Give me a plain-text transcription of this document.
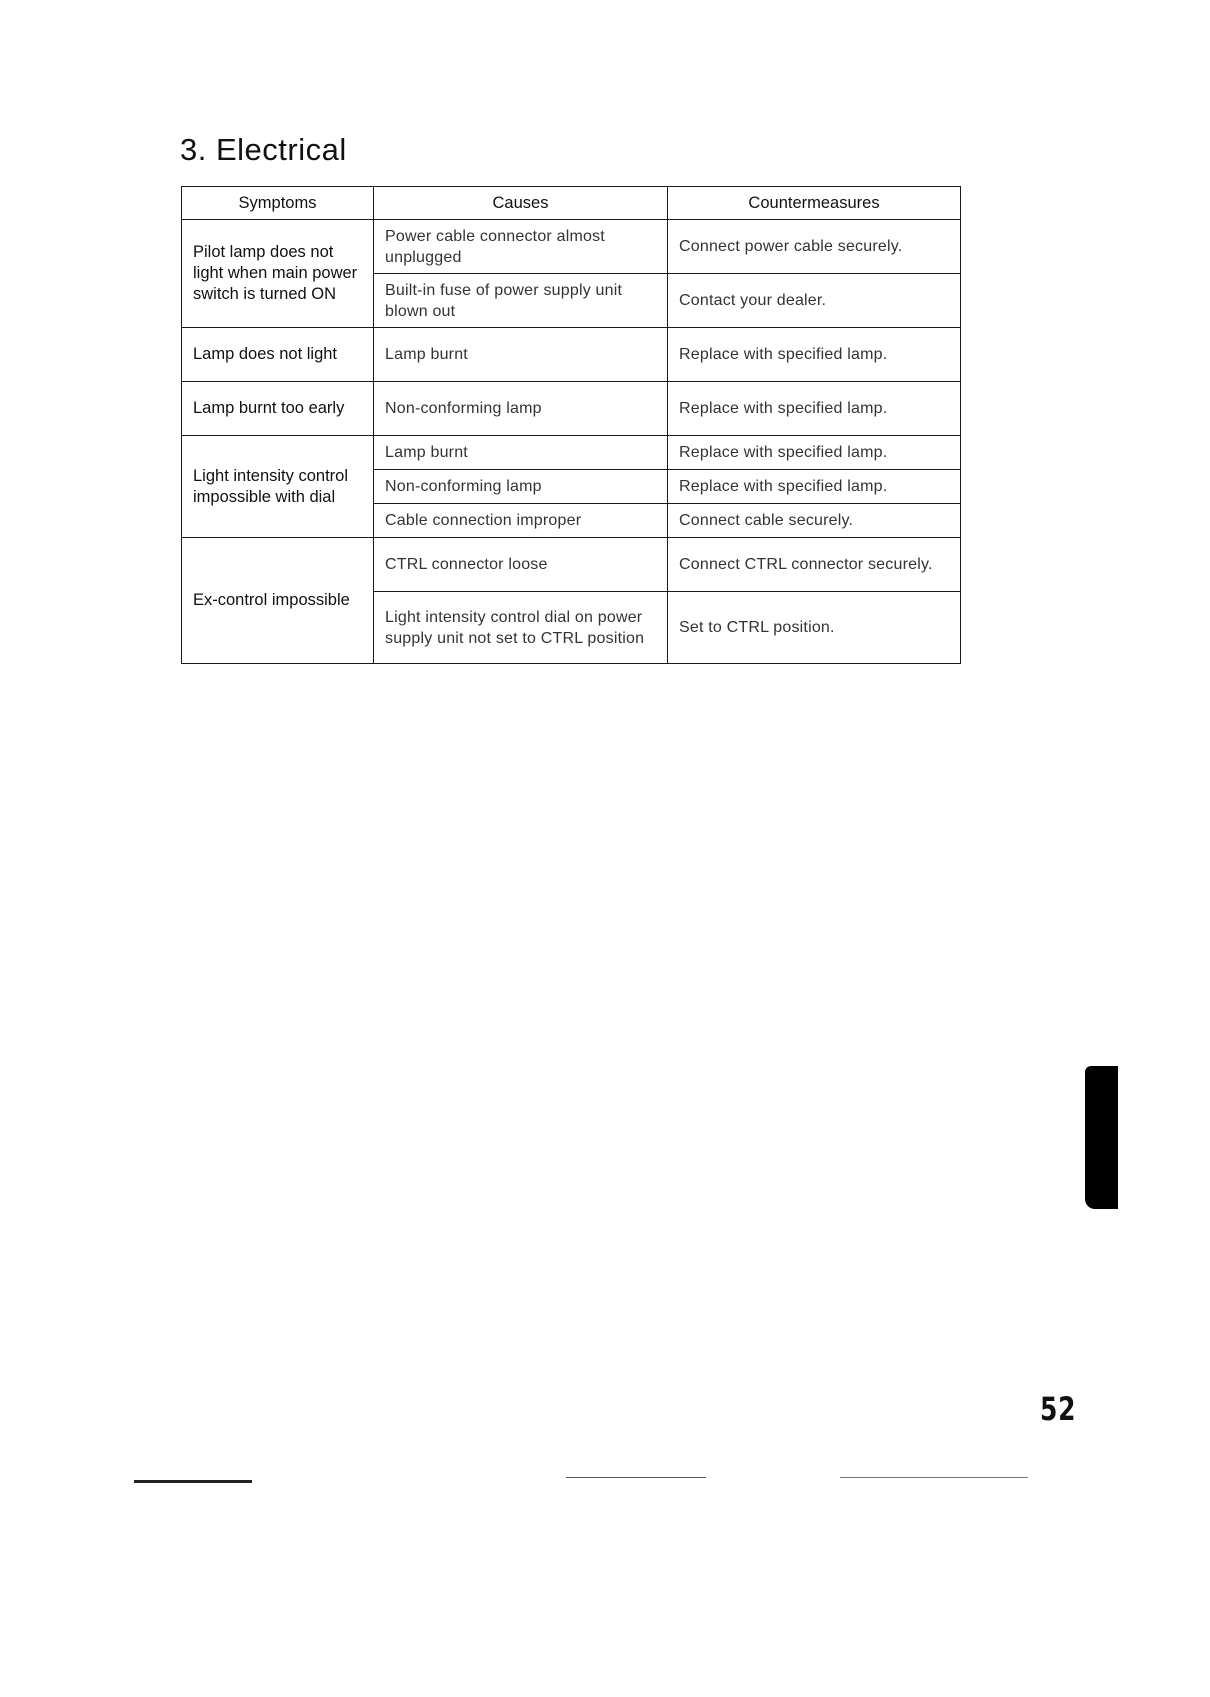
3. Electrical
Symptoms	Causes	Countermeasures
Pilot lamp does not light when main power switch is turned ON	Power cable connector almost unplugged	Connect power cable securely.
	Built-in fuse of power supply unit blown out	Contact your dealer.
Lamp does not light	Lamp burnt	Replace with specified lamp.
Lamp burnt too early	Non-conforming lamp	Replace with specified lamp.
Light intensity control impossible with dial	Lamp burnt	Replace with specified lamp.
	Non-conforming lamp	Replace with specified lamp.
	Cable connection improper	Connect cable securely.
Ex-control impossible	CTRL connector loose	Connect CTRL connector securely.
	Light intensity control dial on power supply unit not set to CTRL position	Set to CTRL position.
52
